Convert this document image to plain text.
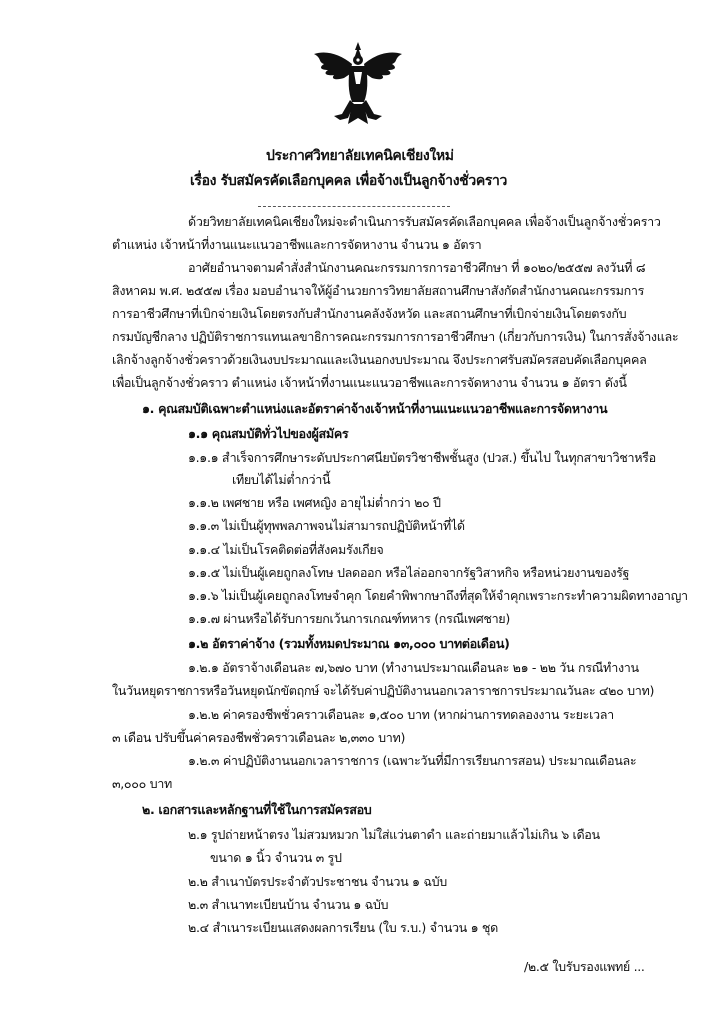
ประกาศวิทยาลัยเทคนิคเชียงใหม่
เรื่อง รับสมัครคัดเลือกบุคคล เพื่อจ้างเป็นลูกจ้างชั่วคราว
ด้วยวิทยาลัยเทคนิคเชียงใหม่จะดำเนินการรับสมัครคัดเลือกบุคคล เพื่อจ้างเป็นลูกจ้างชั่วคราว
ตำแหน่ง เจ้าหน้าที่งานแนะแนวอาชีพและการจัดหางาน จำนวน ๑ อัตรา
อาศัยอำนาจตามคำสั่งสำนักงานคณะกรรมการการอาชีวศึกษา ที่ ๑๐๒๐/๒๕๕๗ ลงวันที่ ๘
สิงหาคม พ.ศ. ๒๕๕๗ เรื่อง มอบอำนาจให้ผู้อำนวยการวิทยาลัยสถานศึกษาสังกัดสำนักงานคณะกรรมการ
การอาชีวศึกษาที่เบิกจ่ายเงินโดยตรงกับสำนักงานคลังจังหวัด และสถานศึกษาที่เบิกจ่ายเงินโดยตรงกับ
กรมบัญชีกลาง ปฏิบัติราชการแทนเลขาธิการคณะกรรมการการอาชีวศึกษา (เกี่ยวกับการเงิน) ในการสั่งจ้างและ
เลิกจ้างลูกจ้างชั่วคราวด้วยเงินงบประมาณและเงินนอกงบประมาณ จึงประกาศรับสมัครสอบคัดเลือกบุคคล
เพื่อเป็นลูกจ้างชั่วคราว ตำแหน่ง เจ้าหน้าที่งานแนะแนวอาชีพและการจัดหางาน จำนวน ๑ อัตรา ดังนี้
๑. คุณสมบัติเฉพาะตำแหน่งและอัตราค่าจ้างเจ้าหน้าที่งานแนะแนวอาชีพและการจัดหางาน
๑.๑ คุณสมบัติทั่วไปของผู้สมัคร
๑.๑.๑ สำเร็จการศึกษาระดับประกาศนียบัตรวิชาชีพชั้นสูง (ปวส.) ขึ้นไป ในทุกสาขาวิชาหรือ
เทียบได้ไม่ต่ำกว่านี้
๑.๑.๒ เพศชาย หรือ เพศหญิง อายุไม่ต่ำกว่า ๒๐ ปี
๑.๑.๓ ไม่เป็นผู้ทุพพลภาพจนไม่สามารถปฏิบัติหน้าที่ได้
๑.๑.๔ ไม่เป็นโรคติดต่อที่สังคมรังเกียจ
๑.๑.๕ ไม่เป็นผู้เคยถูกลงโทษ ปลดออก หรือไล่ออกจากรัฐวิสาหกิจ หรือหน่วยงานของรัฐ
๑.๑.๖ ไม่เป็นผู้เคยถูกลงโทษจำคุก โดยคำพิพากษาถึงที่สุดให้จำคุกเพราะกระทำความผิดทางอาญา
๑.๑.๗ ผ่านหรือได้รับการยกเว้นการเกณฑ์ทหาร (กรณีเพศชาย)
๑.๒ อัตราค่าจ้าง (รวมทั้งหมดประมาณ ๑๓,๐๐๐ บาทต่อเดือน)
๑.๒.๑ อัตราจ้างเดือนละ ๗,๖๗๐ บาท (ทำงานประมาณเดือนละ ๒๑ - ๒๒ วัน กรณีทำงาน
ในวันหยุดราชการหรือวันหยุดนักขัตฤกษ์ จะได้รับค่าปฏิบัติงานนอกเวลาราชการประมาณวันละ ๔๒๐ บาท)
๑.๒.๒ ค่าครองชีพชั่วคราวเดือนละ ๑,๕๐๐ บาท (หากผ่านการทดลองงาน ระยะเวลา
๓ เดือน ปรับขึ้นค่าครองชีพชั่วคราวเดือนละ ๒,๓๓๐ บาท)
๑.๒.๓ ค่าปฏิบัติงานนอกเวลาราชการ (เฉพาะวันที่มีการเรียนการสอน) ประมาณเดือนละ
๓,๐๐๐ บาท
๒. เอกสารและหลักฐานที่ใช้ในการสมัครสอบ
๒.๑ รูปถ่ายหน้าตรง ไม่สวมหมวก ไม่ใส่แว่นตาดำ และถ่ายมาแล้วไม่เกิน ๖ เดือน
ขนาด ๑ นิ้ว จำนวน ๓ รูป
๒.๒ สำเนาบัตรประจำตัวประชาชน จำนวน ๑ ฉบับ
๒.๓ สำเนาทะเบียนบ้าน จำนวน ๑ ฉบับ
๒.๔ สำเนาระเบียนแสดงผลการเรียน (ใบ ร.บ.) จำนวน ๑ ชุด
/๒.๕ ใบรับรองแพทย์ ...
